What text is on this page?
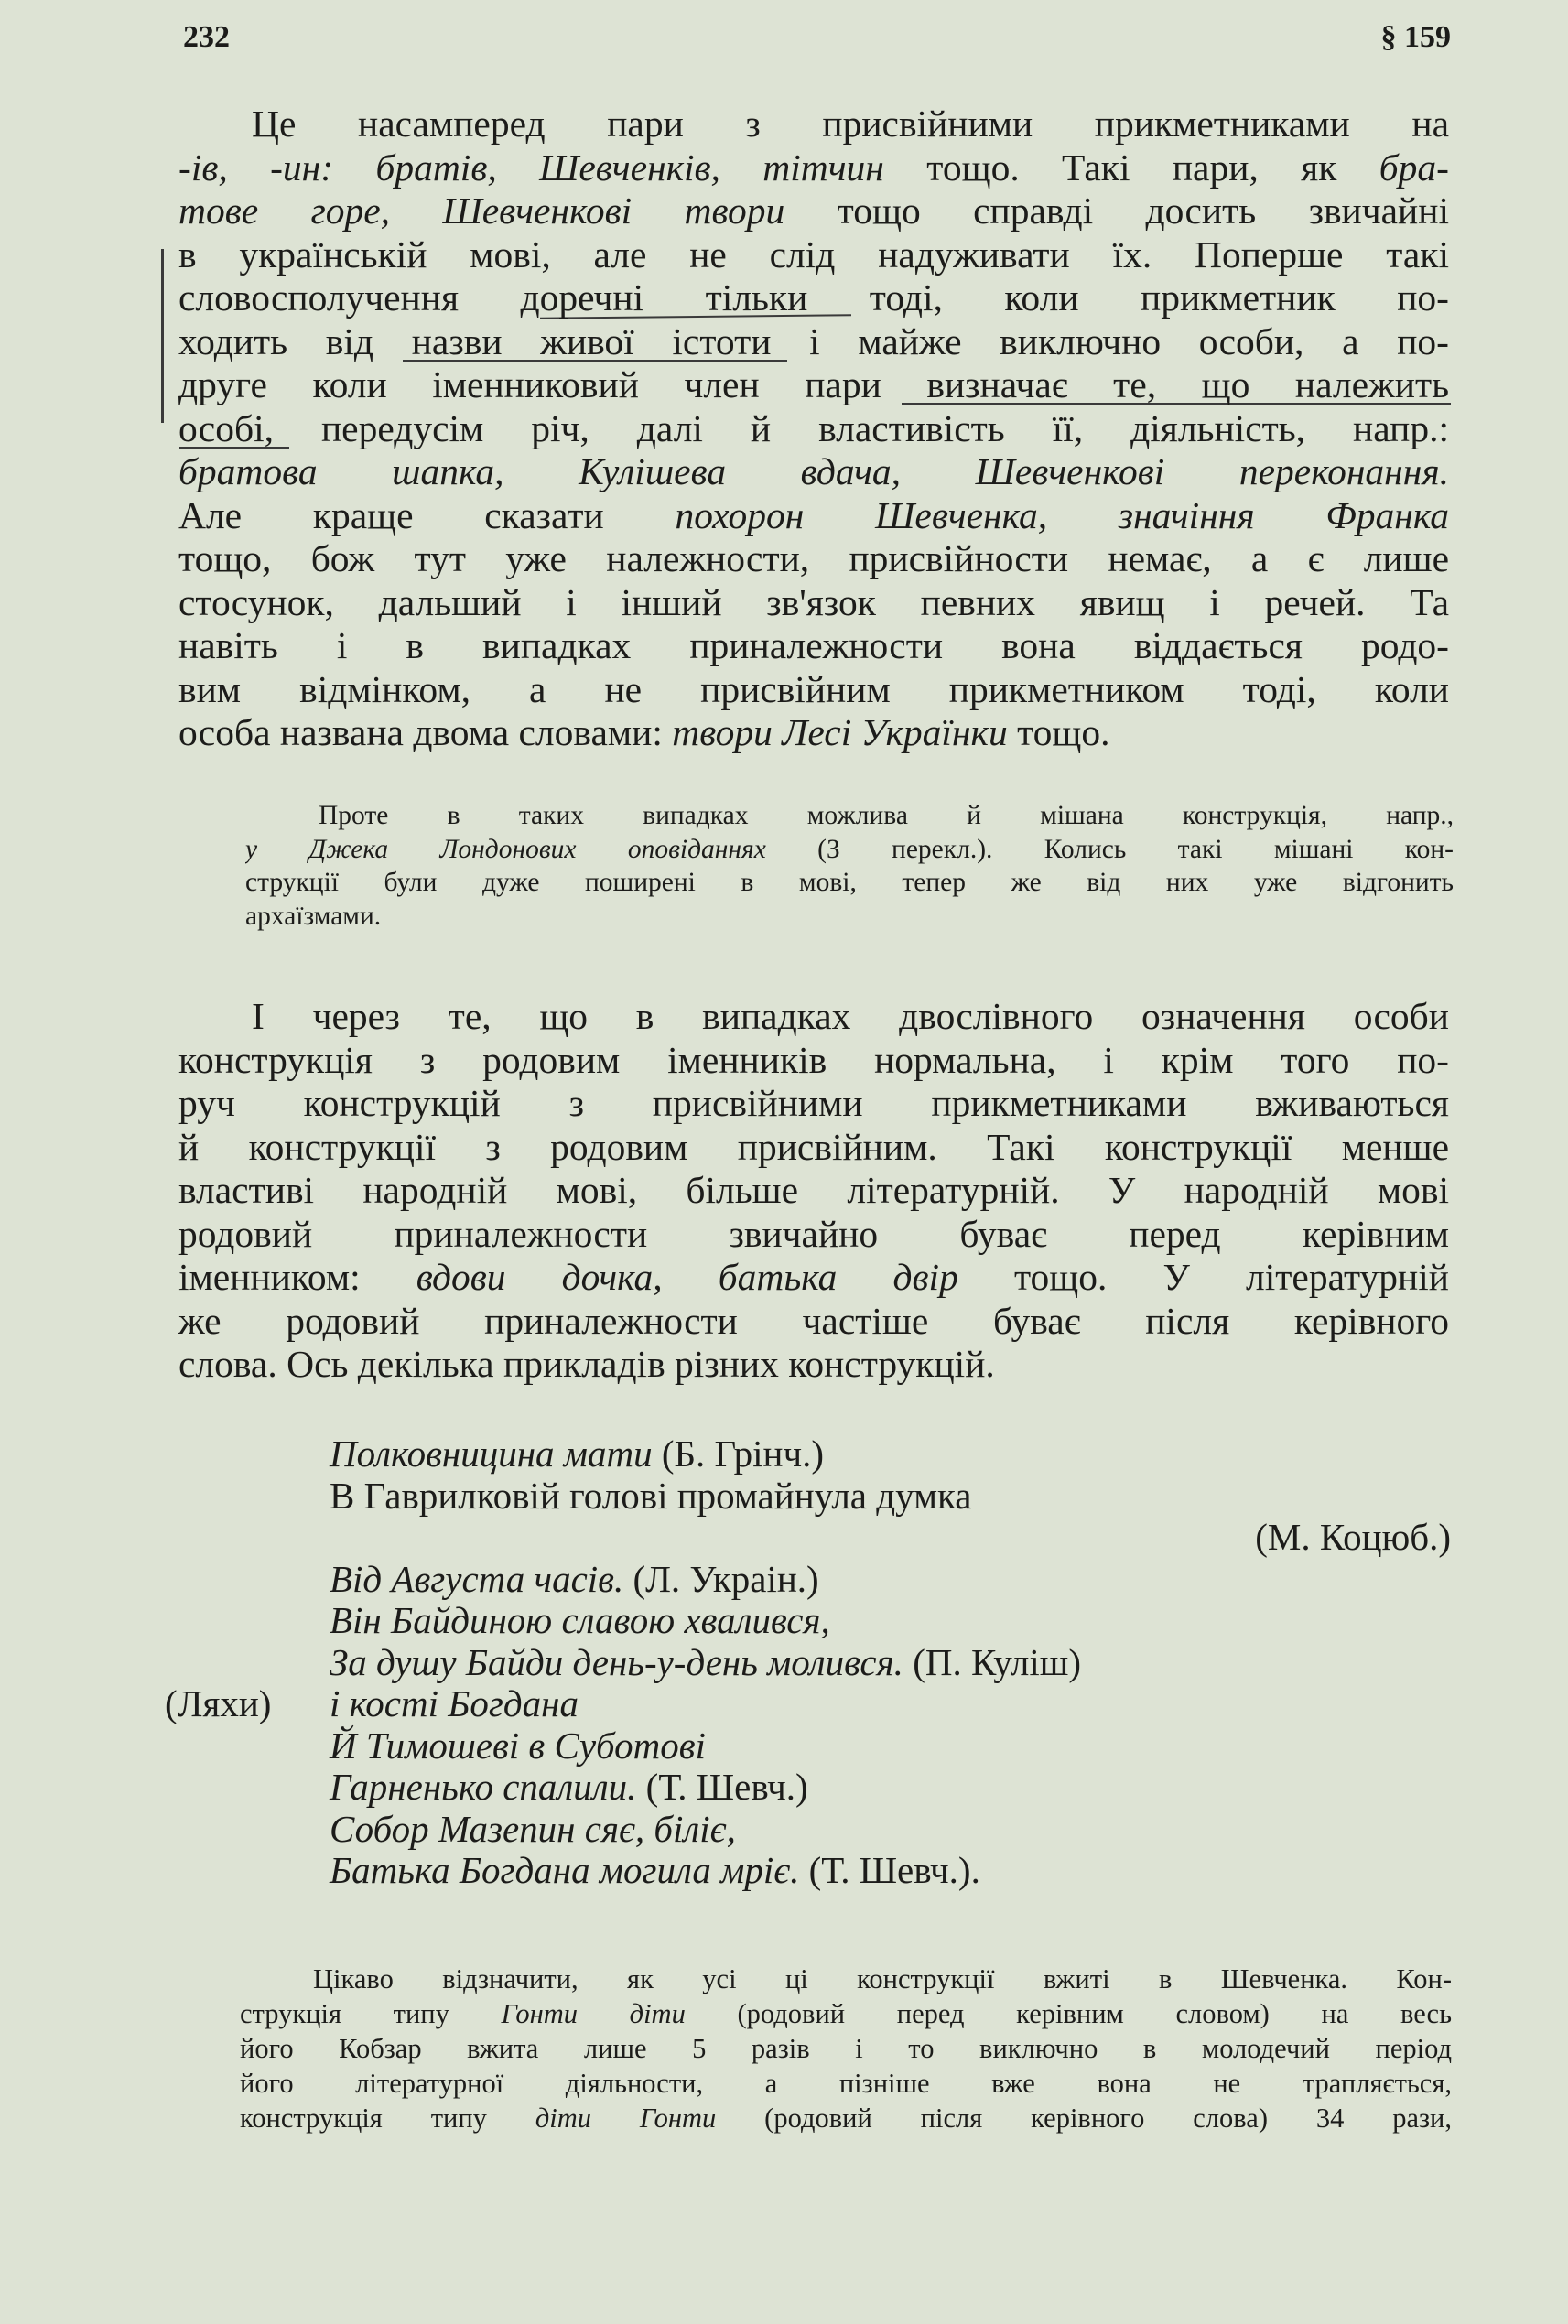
232	§ 159
Це насамперед пари з присвійними прикметниками на
-ів, -ин: братів, Шевченків, тітчин тощо. Такі пари, як бра-
тове горе, Шевченкові твори тощо справді досить звичайні
в українській мові, але не слід надуживати їх. Поперше такі
словосполучення доречні тільки тоді, коли прикметник по-
ходить від назви живої істоти і майже виключно особи, а по-
друге коли іменниковий член пари визначає те, що належить
особі, передусім річ, далі й властивість її, діяльність, напр.:
братова шапка, Кулішева вдача, Шевченкові переконання.
Але краще сказати похорон Шевченка, значіння Франка
тощо, бож тут уже належности, присвійности немає, а є лише
стосунок, дальший і інший зв'язок певних явищ і речей. Та
навіть і в випадках приналежности вона віддається родо-
вим відмінком, а не присвійним прикметником тоді, коли
особа названа двома словами: твори Лесі Українки тощо.
Проте в таких випадках можлива й мішана конструкція, напр.,
у Джека Лондонових оповіданнях (З перекл.). Колись такі мішані кон-
струкції були дуже поширені в мові, тепер же від них уже відгонить
архаїзмами.
І через те, що в випадках двослівного означення особи
конструкція з родовим іменників нормальна, і крім того по-
руч конструкцій з присвійними прикметниками вживаються
й конструкції з родовим присвійним. Такі конструкції менше
властиві народній мові, більше літературній. У народній мові
родовий приналежности звичайно буває перед керівним
іменником: вдови дочка, батька двір тощо. У літературній
же родовий приналежности частіше буває після керівного
слова. Ось декілька прикладів різних конструкцій.
Полковницина мати (Б. Грінч.)
В Гаврилковій голові промайнула думка
(М. Коцюб.)
Від Августа часів. (Л. Украін.)
Він Байдиною славою хвалився,
За душу Байди день-у-день молився. (П. Куліш)
(Ляхи) і кості Богдана
Й Тимошеві в Суботові
Гарненько спалили. (Т. Шевч.)
Собор Мазепин сяє, біліє,
Батька Богдана могила мріє. (Т. Шевч.).
Цікаво відзначити, як усі ці конструкції вжиті в Шевченка. Кон-
струкція типу Гонти діти (родовий перед керівним словом) на весь
його Кобзар вжита лише 5 разів і то виключно в молодечий період
його літературної діяльности, а пізніше вже вона не трапляється,
конструкція типу діти Гонти (родовий після керівного слова) 34 рази,
